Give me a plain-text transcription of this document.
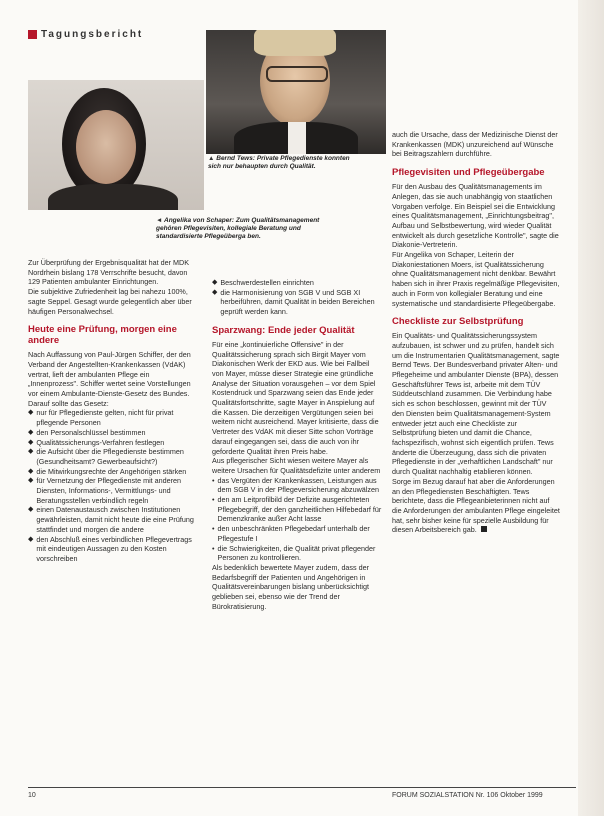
Tagungsbericht
▲ Bernd Tews: Private Pflegedienste konnten sich nur behaupten durch Qualität.
◄ Angelika von Schaper: Zum Qualitätsmanagement gehören Pflegevisiten, kollegiale Beratung und standardisierte Pflegeüberga ben.

Zur Überprüfung der Ergebnisqualität hat der MDK Nordrhein bislang 178 Verrschrifte besucht, davon 129 Patienten ambulanter Einrichtungen.

Die subjektive Zufriedenheit lag bei nahezu 100%, sagte Seppel. Gesagt wurde gelegentlich aber über häufigen Personalwechsel.

Heute eine Prüfung, morgen eine andere

Nach Auffassung von Paul-Jürgen Schiffer, der den Verband der Angestellten-Krankenkassen (VdAK) vertrat, lieft der ambulanten Pflege ein „Innenprozess". Schiffer wertet seine Vorstellungen vor einem Ambulante-Dienste-Gesetz des Bundes. Darauf sollte das Gesetz:

◆ nur für Pflegedienste gelten, nicht für privat pflegende Personen
◆ den Personalschlüssel bestimmen
◆ Qualitätssicherungs-Verfahren festlegen
◆ die Aufsicht über die Pflegedienste bestimmen (Gesundheitsamt? Gewerbeaufsicht?)
◆ die Mitwirkungsrechte der Angehörigen stärken
◆ für Vernetzung der Pflegedienste mit anderen Diensten, Informations-, Vermittlungs- und Beratungsstellen verbindlich regeln
◆ einen Datenaustausch zwischen Institutionen gewährleisten, damit nicht heute die eine Prüfung stattfindet und morgen die andere
◆ den Abschluß eines verbindlichen Pflegevertrags mit eindeutigen Aussagen zu den Kosten vorschreiben
◆ Beschwerdestellen einrichten
◆ die Harmonisierung von SGB V und SGB XI herbeiführen, damit Qualität in beiden Bereichen geprüft werden kann.
Sparzwang: Ende jeder Qualität

Für eine „kontinuierliche Offensive" in der Qualitätssicherung sprach sich Birgit Mayer vom Diakonischen Werk der EKD aus. Wie bei Fallbeil von Mayer, müsse dieser Strategie eine gründliche Analyse der Situation vorausgehen – vor dem Spiel Kostendruck und Sparzwang seien das Ende jeder Qualitätsfortschritte, sagte Mayer in Anspielung auf die Kassen. Die derzeitigen Vergütungen seien bei weitem nicht ausreichend. Mayer kritisierte, dass die Vertreter des VdAK mit dieser Sitte schon Vorträge darauf eingegangen sei, dass die auch von ihr geforderte Qualität ihren Preis habe.

Aus pflegerischer Sicht wiesen weitere Mayer als weitere Ursachen für Qualitätsdefizite unter anderem

• das Vergüten der Krankenkassen, Leistungen aus dem SGB V in der Pflegeversicherung abzuwälzen
• den am Leitprofilbild der Defizite ausgerichteten Pflegebegriff, der den ganzheitlichen Hilfebedarf für Demenzkranke außer Acht lasse
• den unbeschränkten Pflegebedarf unterhalb der Pflegestufe I
• die Schwierigkeiten, die Qualität privat pflegender Personen zu kontrollieren.

Als bedenklich bewertete Mayer zudem, dass der Bedarfsbegriff der Patienten und Angehörigen in Qualitätsvereinbarungen bislang unberücksichtigt geblieben sei, ebenso wie der Trend der Bürokratisierung.

auch die Ursache, dass der Medizinische Dienst der Krankenkassen (MDK) unzureichend auf Wünsche bei Beitragszahlern durchführe.

Pflegevisiten und Pflegeübergabe

Für den Ausbau des Qualitätsmanagements im Anlegen, das sie auch unabhängig von staatlichen Vorgaben verfolge. Ein Beispiel sei die Entwicklung eines Qualitätsmanagement, „Einrichtungsbeitrag", Aufbau und Selbstbewertung, wird wieder Qualität entwickelt als durch gesetzliche Kontrolle", sagte die Diakonie-Vertreterin.

Für Angelika von Schaper, Leiterin der Diakoniestationen Moers, ist Qualitätssicherung ohne Qualitätsmanagement nicht denkbar. Bewährt haben sich in ihrer Praxis regelmäßige Pflegevisiten, auch in Form von kollegialer Beratung und eine systematische und standardisierte Pflegeübergabe.

Checkliste zur Selbstprüfung

Ein Qualitäts- und Qualitätssicherungssystem aufzubauen, ist schwer und zu prüfen, handelt sich um die Instrumentarien Qualitätsmanagement, sagte Bernd Tews. Der Bundesverband privater Alten- und Pflegeheime und ambulanter Dienste (BPA), dessen Geschäftsführer Tews ist, arbeite mit dem TÜV Süddeutschland zusammen. Die Verbindung habe sich es schon beschlossen, gewinnt mit der TÜV den Diensten beim Qualitätsmanagement-System entweder jetzt auch eine Checkliste zur Selbstprüfung bieten und damit die Chance, fachspezifisch, wohnst sich eigentlich prüfen. Tews änderte die Überzeugung, dass sich die privaten Pflegedienste in der „verhaftlichen Landschaft" nur durch Qualität nachhaltig etablieren können.

Sorge im Bezug darauf hat aber die Anforderungen an den Pflegediensten Beschäftigten. Tews berichtete, dass die Pflegeanbieterinnen nicht auf die Anforderungen der ambulanten Pflege eingeleitet hat, sehr bisher keine für spezielle Ausbildung für diesen Arbeitsbereich gab.

10	FORUM SOZIALSTATION Nr. 106 Oktober 1999
